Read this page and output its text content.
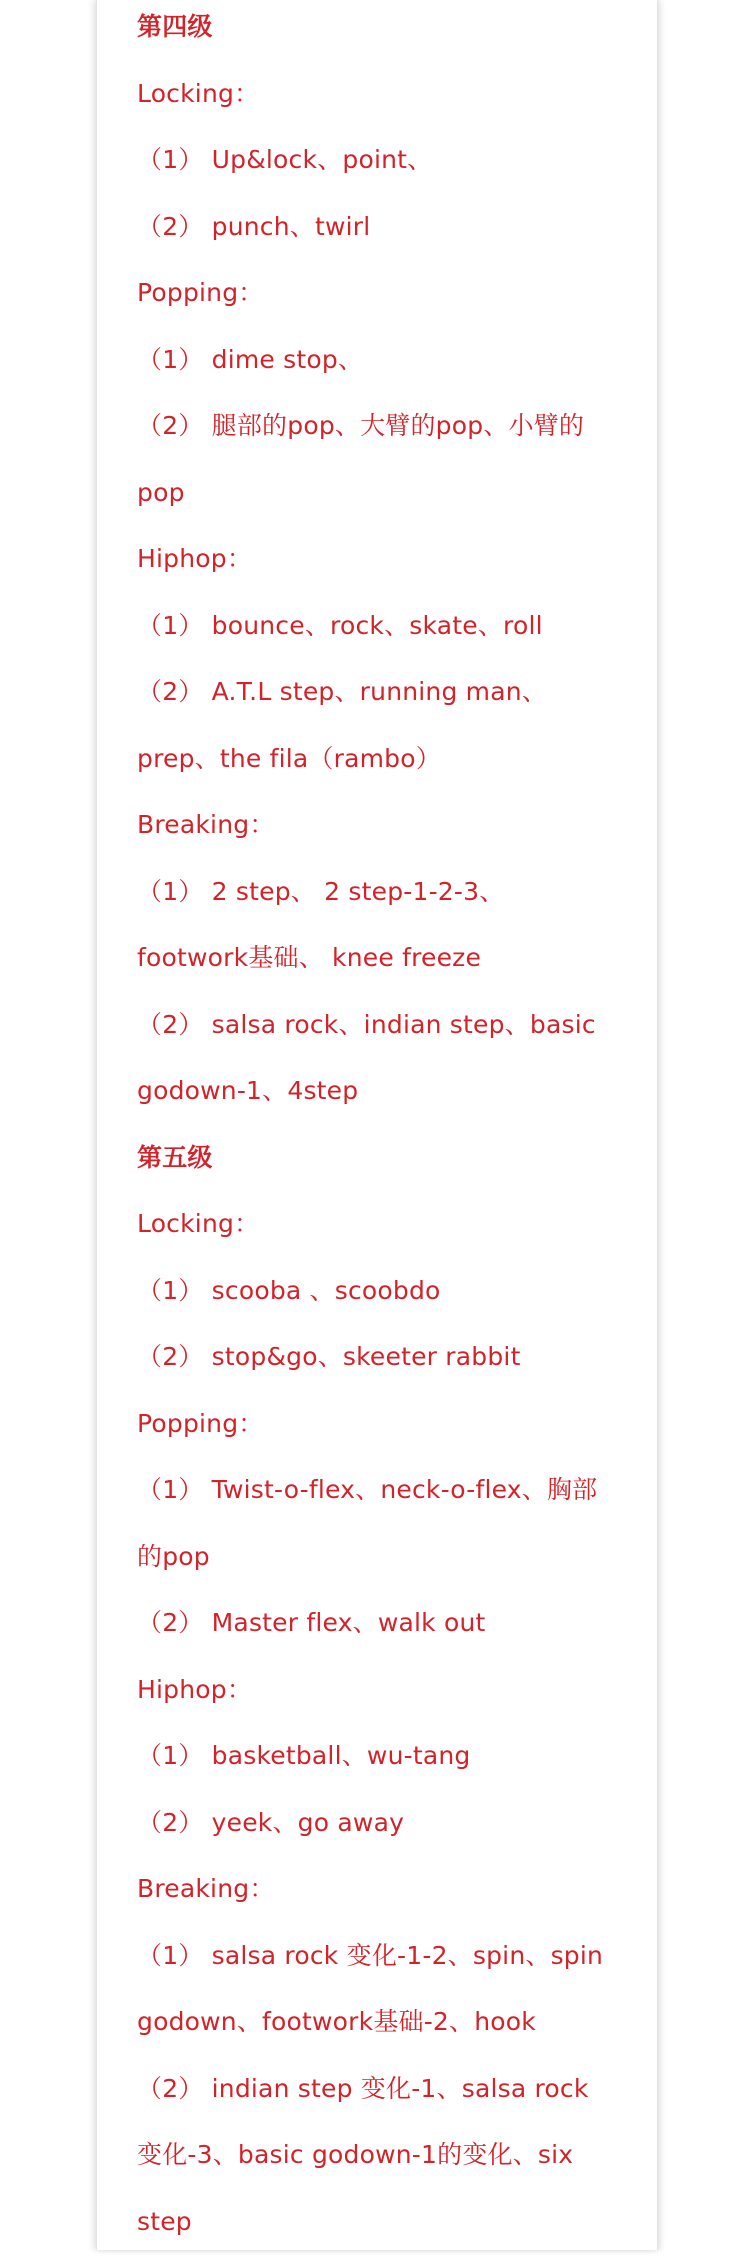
第四级
Locking：
（1） Up&lock、point、
（2） punch、twirl
Popping：
（1） dime stop、
（2） 腿部的pop、大臂的pop、小臂的
pop
Hiphop：
（1） bounce、rock、skate、roll
（2） A.T.L step、running man、
prep、the fila（rambo）
Breaking：
（1） 2 step、 2 step-1-2-3、
footwork基础、 knee freeze
（2） salsa rock、indian step、basic
godown-1、4step
第五级
Locking：
（1） scooba 、scoobdo
（2） stop&go、skeeter rabbit
Popping：
（1） Twist-o-flex、neck-o-flex、胸部
的pop
（2） Master flex、walk out
Hiphop：
（1） basketball、wu-tang
（2） yeek、go away
Breaking：
（1） salsa rock 变化-1-2、spin、spin
godown、footwork基础-2、hook
（2） indian step 变化-1、salsa rock
变化-3、basic godown-1的变化、six
step
